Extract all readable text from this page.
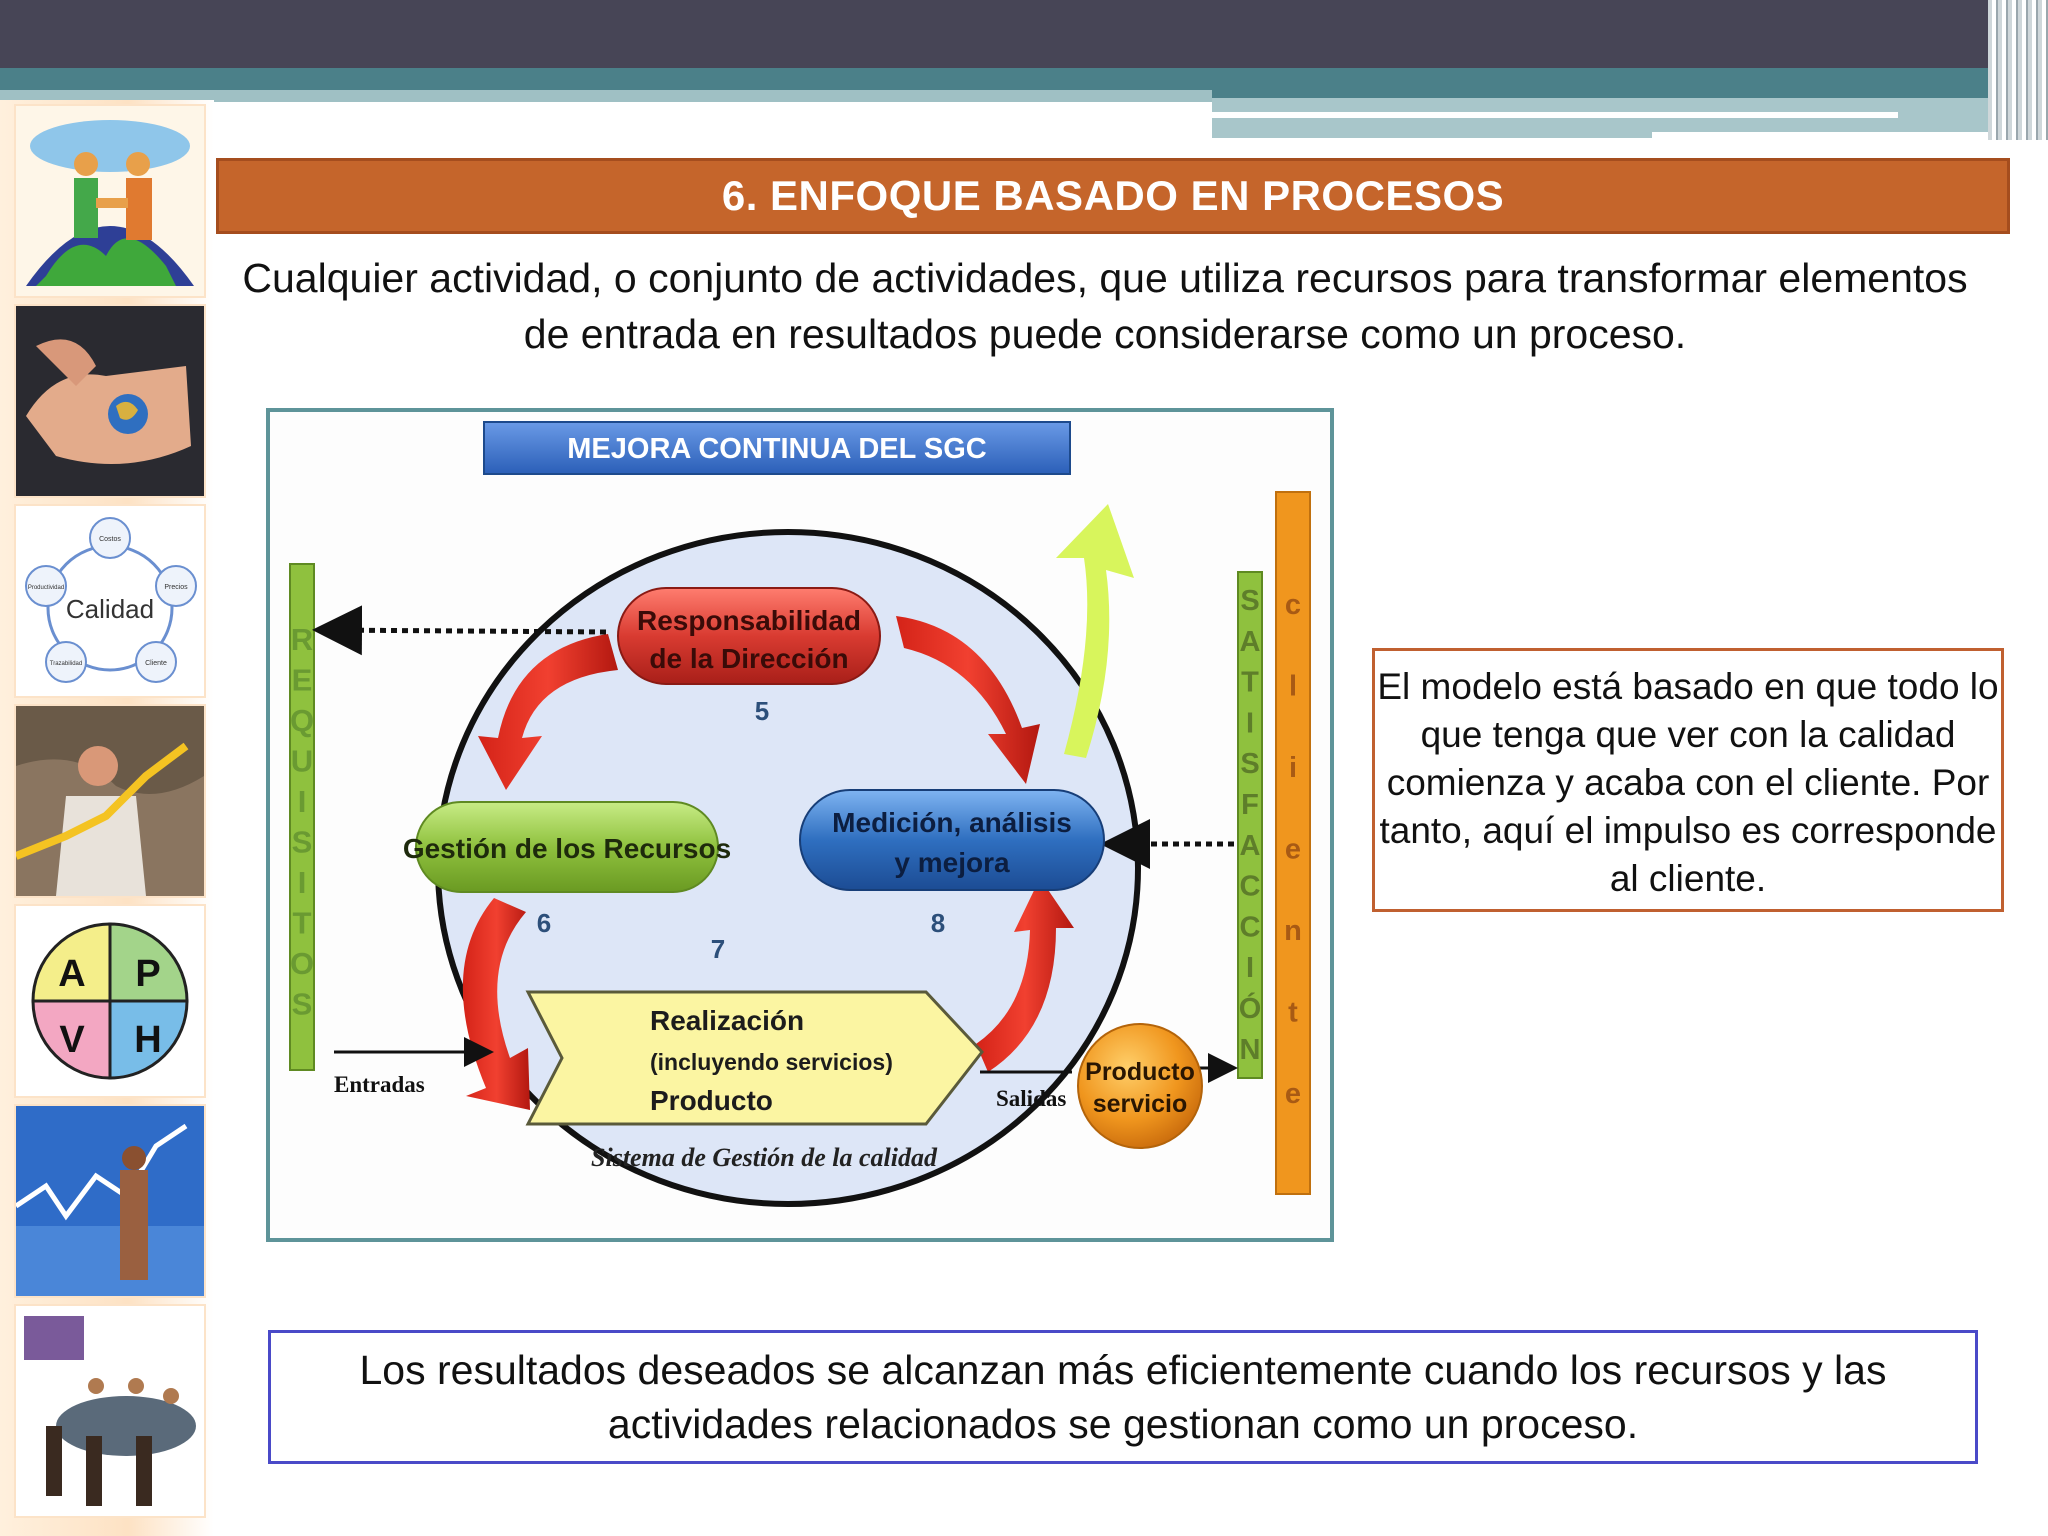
Costos
Precios
Cliente
Trazabilidad
Productividad
Calidad
A P
V H
6. ENFOQUE BASADO EN PROCESOS
Cualquier actividad, o conjunto de actividades, que utiliza recursos para transformar elementos de entrada en resultados puede considerarse como un proceso.
MEJORA CONTINUA DEL SGC
R
E
Q
U
I
S
I
T
O
S
S
A
T
I
S
F
A
C
C
I
Ó
N
c
l
i
e
n
t
e
Responsabilidad
de la Dirección
5
Gestión de los Recursos
6
7
Medición, análisis
y mejora
8
Realización
(incluyendo servicios)
Producto
Entradas
Salidas
Producto
servicio
Sistema de Gestión de la calidad
El modelo está basado en que todo lo que tenga que ver con la calidad comienza y acaba con el cliente. Por tanto, aquí el impulso es corresponde al cliente.
Los resultados deseados se alcanzan más eficientemente cuando los recursos y las actividades relacionados se gestionan como un proceso.
